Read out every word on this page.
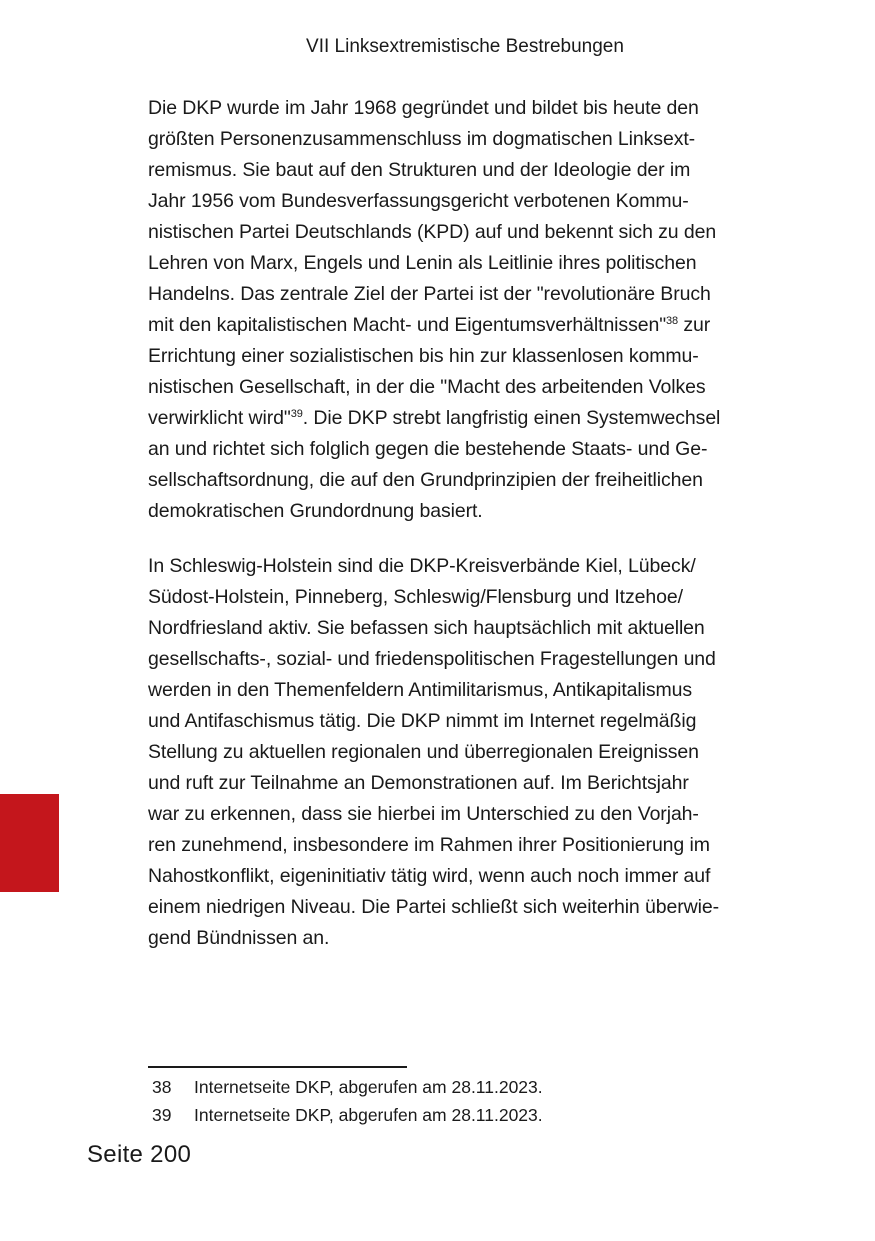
VII Linksextremistische Bestrebungen

Die DKP wurde im Jahr 1968 gegründet und bildet bis heute den
größten Personenzusammenschluss im dogmatischen Linksext-
remismus. Sie baut auf den Strukturen und der Ideologie der im
Jahr 1956 vom Bundesverfassungsgericht verbotenen Kommu-
nistischen Partei Deutschlands (KPD) auf und bekennt sich zu den
Lehren von Marx, Engels und Lenin als Leitlinie ihres politischen
Handelns. Das zentrale Ziel der Partei ist der "revolutionäre Bruch
mit den kapitalistischen Macht- und Eigentumsverhältnissen"$^{38}$ zur
Errichtung einer sozialistischen bis hin zur klassenlosen kommu-
nistischen Gesellschaft, in der die "Macht des arbeitenden Volkes
verwirklicht wird"$^{39}$. Die DKP strebt langfristig einen Systemwechsel
an und richtet sich folglich gegen die bestehende Staats- und Ge-
sellschaftsordnung, die auf den Grundprinzipien der freiheitlichen
demokratischen Grundordnung basiert.

In Schleswig-Holstein sind die DKP-Kreisverbände Kiel, Lübeck/
Südost-Holstein, Pinneberg, Schleswig/Flensburg und Itzehoe/
Nordfriesland aktiv. Sie befassen sich hauptsächlich mit aktuellen
gesellschafts-, sozial- und friedenspolitischen Fragestellungen und
werden in den Themenfeldern Antimilitarismus, Antikapitalismus
und Antifaschismus tätig. Die DKP nimmt im Internet regelmäßig
Stellung zu aktuellen regionalen und überregionalen Ereignissen
und ruft zur Teilnahme an Demonstrationen auf. Im Berichtsjahr
war zu erkennen, dass sie hierbei im Unterschied zu den Vorjah-
ren zunehmend, insbesondere im Rahmen ihrer Positionierung im
Nahostkonflikt, eigeninitiativ tätig wird, wenn auch noch immer auf
einem niedrigen Niveau. Die Partei schließt sich weiterhin überwie-
gend Bündnissen an.

38	Internetseite DKP, abgerufen am 28.11.2023.
39	Internetseite DKP, abgerufen am 28.11.2023.
Seite 200
